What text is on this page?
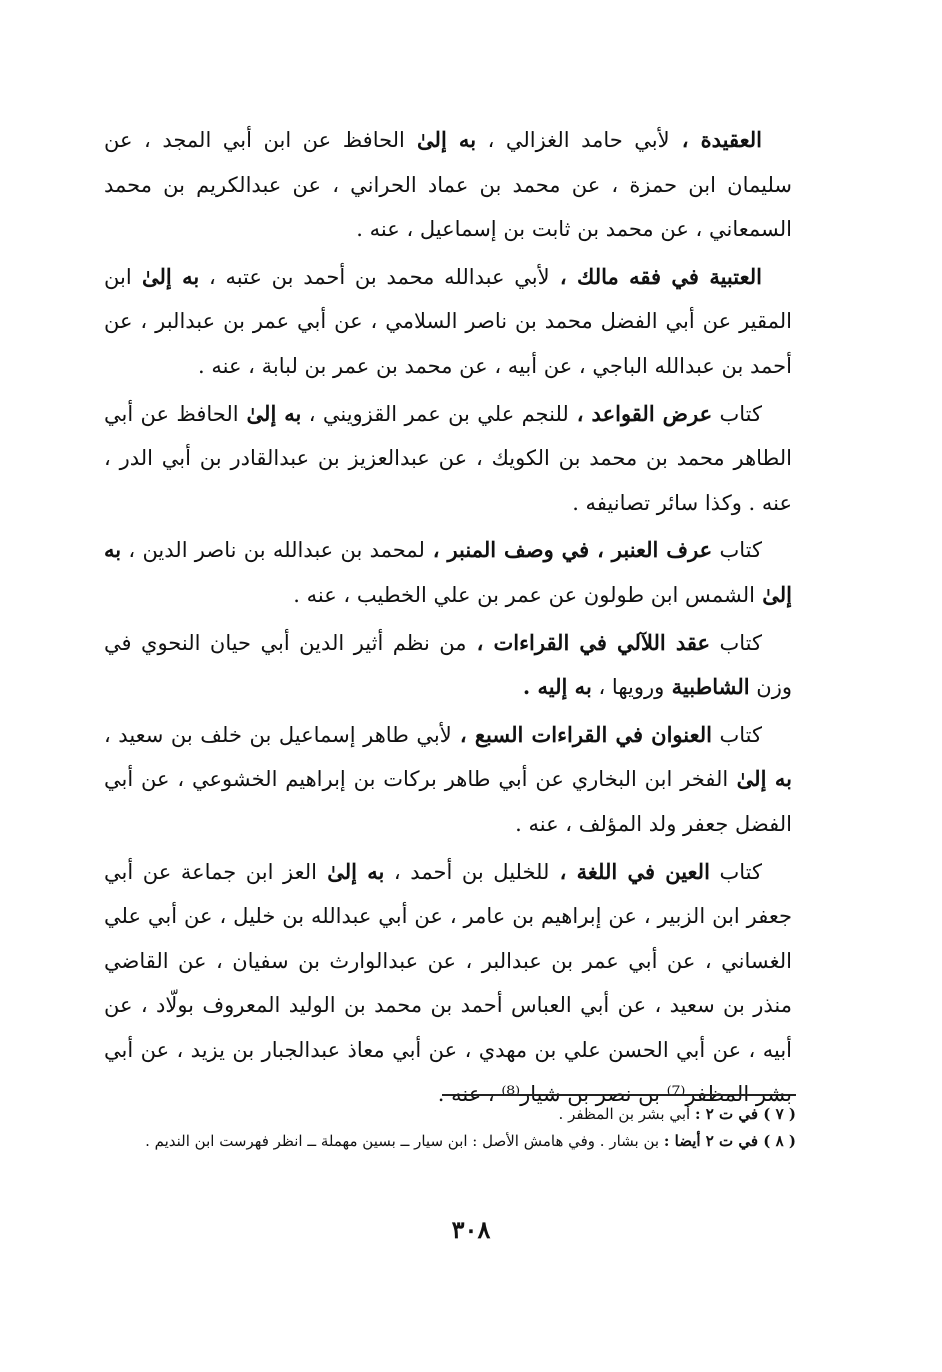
العقيدة ، لأبي حامد الغزالي ، به إلىٰ الحافظ عن ابن أبي المجد ، عن سليمان ابن حمزة ، عن محمد بن عماد الحراني ، عن عبدالكريم بن محمد السمعاني ، عن محمد بن ثابت بن إسماعيل ، عنه .

العتبية في فقه مالك ، لأبي عبدالله محمد بن أحمد بن عتبه ، به إلىٰ ابن المقير عن أبي الفضل محمد بن ناصر السلامي ، عن أبي عمر بن عبدالبر ، عن أحمد بن عبدالله الباجي ، عن أبيه ، عن محمد بن عمر بن لبابة ، عنه .

كتاب عرض القواعد ، للنجم علي بن عمر القزويني ، به إلىٰ الحافظ عن أبي الطاهر محمد بن محمد بن الكويك ، عن عبدالعزيز بن عبدالقادر بن أبي الدر ، عنه . وكذا سائر تصانيفه .

كتاب عرف العنبر ، في وصف المنبر ، لمحمد بن عبدالله بن ناصر الدين ، به إلىٰ الشمس ابن طولون عن عمر بن علي الخطيب ، عنه .

كتاب عقد اللآلي في القراءات ، من نظم أثير الدين أبي حيان النحوي في وزن الشاطبية ورويها ، به إليه .

كتاب العنوان في القراءات السبع ، لأبي طاهر إسماعيل بن خلف بن سعيد ، به إلىٰ الفخر ابن البخاري عن أبي طاهر بركات بن إبراهيم الخشوعي ، عن أبي الفضل جعفر ولد المؤلف ، عنه .

كتاب العين في اللغة ، للخليل بن أحمد ، به إلىٰ العز ابن جماعة عن أبي جعفر ابن الزبير ، عن إبراهيم بن عامر ، عن أبي عبدالله بن خليل ، عن أبي علي الغساني ، عن أبي عمر بن عبدالبر ، عن عبدالوارث بن سفيان ، عن القاضي منذر بن سعيد ، عن أبي العباس أحمد بن محمد بن الوليد المعروف بولّاد ، عن أبيه ، عن أبي الحسن علي بن مهدي ، عن أبي معاذ عبدالجبار بن يزيد ، عن أبي بشر المظفر⁽⁷⁾ بن نصر بن شيار⁽⁸⁾ ، عنه .

( ٧ ) في ت ٢ : أبي بشر بن المظفر .

( ٨ ) في ت ٢ أيضا : بن بشار . وفي هامش الأصل : ابن سيار ــ بسين مهملة ــ انظر فهرست ابن النديم .

٣٠٨
